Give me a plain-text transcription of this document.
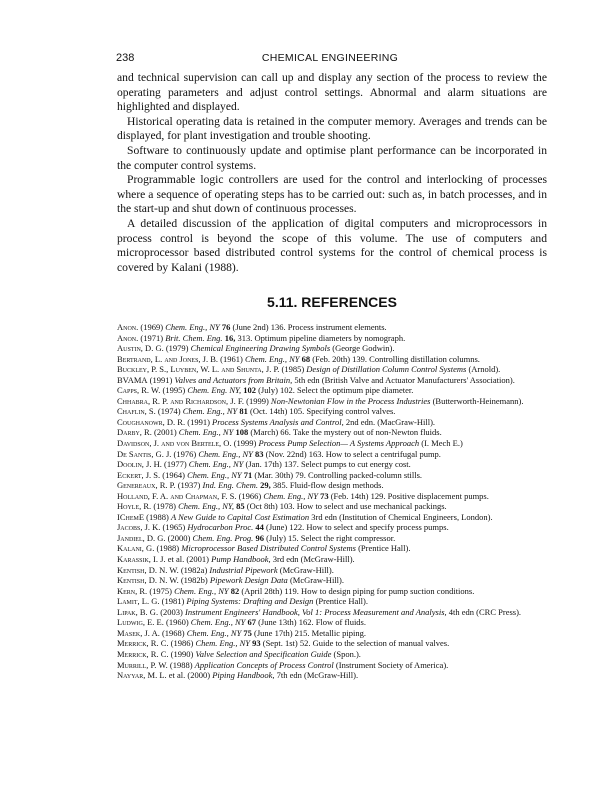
238	CHEMICAL ENGINEERING

and technical supervision can call up and display any section of the process to review the operating parameters and adjust control settings. Abnormal and alarm situations are highlighted and displayed.

Historical operating data is retained in the computer memory. Averages and trends can be displayed, for plant investigation and trouble shooting.

Software to continuously update and optimise plant performance can be incorporated in the computer control systems.

Programmable logic controllers are used for the control and interlocking of processes where a sequence of operating steps has to be carried out: such as, in batch processes, and in the start-up and shut down of continuous processes.

A detailed discussion of the application of digital computers and microprocessors in process control is beyond the scope of this volume. The use of computers and microprocessor based distributed control systems for the control of chemical process is covered by Kalani (1988).

5.11. REFERENCES
Anon. (1969) Chem. Eng., NY 76 (June 2nd) 136. Process instrument elements.
Anon. (1971) Brit. Chem. Eng. 16, 313. Optimum pipeline diameters by nomograph.
Austin, D. G. (1979) Chemical Engineering Drawing Symbols (George Godwin).
Bertrand, L. and Jones, J. B. (1961) Chem. Eng., NY 68 (Feb. 20th) 139. Controlling distillation columns.
Buckley, P. S., Luyben, W. L. and Shunta, J. P. (1985) Design of Distillation Column Control Systems (Arnold).
BVAMA (1991) Valves and Actuators from Britain, 5th edn (British Valve and Actuator Manufacturers' Association).
Capps, R. W. (1995) Chem. Eng. NY, 102 (July) 102. Select the optimum pipe diameter.
Chhabra, R. P. and Richardson, J. F. (1999) Non-Newtonian Flow in the Process Industries (Butterworth-Heinemann).
Chaflin, S. (1974) Chem. Eng., NY 81 (Oct. 14th) 105. Specifying control valves.
Coughanowr, D. R. (1991) Process Systems Analysis and Control, 2nd edn. (MacGraw-Hill).
Darby, R. (2001) Chem. Eng., NY 108 (March) 66. Take the mystery out of non-Newton fluids.
Davidson, J. and von Bertele, O. (1999) Process Pump Selection— A Systems Approach (I. Mech E.)
De Santis, G. J. (1976) Chem. Eng., NY 83 (Nov. 22nd) 163. How to select a centrifugal pump.
Doolin, J. H. (1977) Chem. Eng., NY (Jan. 17th) 137. Select pumps to cut energy cost.
Eckert, J. S. (1964) Chem. Eng., NY 71 (Mar. 30th) 79. Controlling packed-column stills.
Genereaux, R. P. (1937) Ind. Eng. Chem. 29, 385. Fluid-flow design methods.
Holland, F. A. and Chapman, F. S. (1966) Chem. Eng., NY 73 (Feb. 14th) 129. Positive displacement pumps.
Hoyle, R. (1978) Chem. Eng., NY, 85 (Oct 8th) 103. How to select and use mechanical packings.
IChemE (1988) A New Guide to Capital Cost Estimation 3rd edn (Institution of Chemical Engineers, London).
Jacobs, J. K. (1965) Hydrocarbon Proc. 44 (June) 122. How to select and specify process pumps.
Jandiel, D. G. (2000) Chem. Eng. Prog. 96 (July) 15. Select the right compressor.
Kalani, G. (1988) Microprocessor Based Distributed Control Systems (Prentice Hall).
Karassik, I. J. et al. (2001) Pump Handbook, 3rd edn (McGraw-Hill).
Kentish, D. N. W. (1982a) Industrial Pipework (McGraw-Hill).
Kentish, D. N. W. (1982b) Pipework Design Data (McGraw-Hill).
Kern, R. (1975) Chem. Eng., NY 82 (April 28th) 119. How to design piping for pump suction conditions.
Lamit, L. G. (1981) Piping Systems: Drafting and Design (Prentice Hall).
Lipak, B. G. (2003) Instrument Engineers' Handbook, Vol 1: Process Measurement and Analysis, 4th edn (CRC Press).
Ludwig, E. E. (1960) Chem. Eng., NY 67 (June 13th) 162. Flow of fluids.
Masek, J. A. (1968) Chem. Eng., NY 75 (June 17th) 215. Metallic piping.
Merrick, R. C. (1986) Chem. Eng., NY 93 (Sept. 1st) 52. Guide to the selection of manual valves.
Merrick, R. C. (1990) Valve Selection and Specification Guide (Spon.).
Murrill, P. W. (1988) Application Concepts of Process Control (Instrument Society of America).
Nayyar, M. L. et al. (2000) Piping Handbook, 7th edn (McGraw-Hill).
